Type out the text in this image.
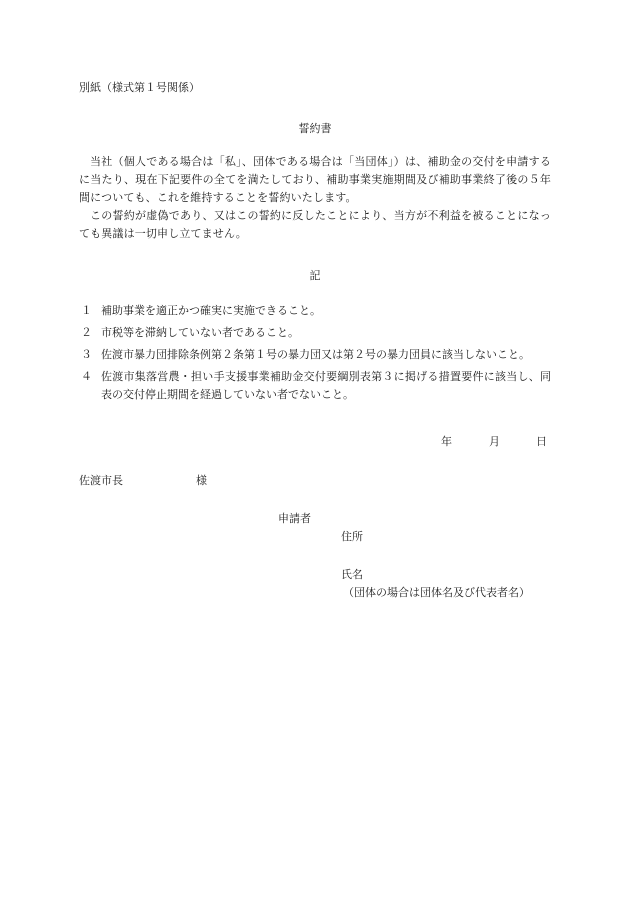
別紙（様式第１号関係）
誓約書

当社（個人である場合は「私」、団体である場合は「当団体」）は、補助金の交付を申請するに当たり、現在下記要件の全てを満たしており、補助事業実施期間及び補助事業終了後の５年間についても、これを維持することを誓約いたします。

この誓約が虚偽であり、又はこの誓約に反したことにより、当方が不利益を被ることになっても異議は一切申し立てません。

記
１ 補助事業を適正かつ確実に実施できること。
２ 市税等を滞納していない者であること。
３ 佐渡市暴力団排除条例第２条第１号の暴力団又は第２号の暴力団員に該当しないこと。
４ 佐渡市集落営農・担い手支援事業補助金交付要綱別表第３に掲げる措置要件に該当し、同表の交付停止期間を経過していない者でないこと。
年	月	日
佐渡市長	様
申請者
住所
氏名
（団体の場合は団体名及び代表者名）
